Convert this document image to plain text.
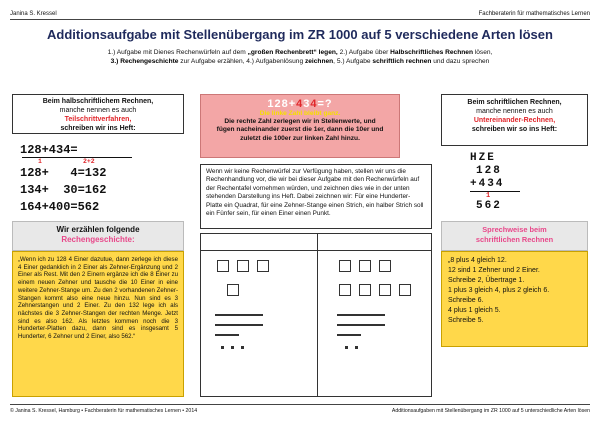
Janina S. Kressel	Fachberaterin für mathematisches Lernen
Additionsaufgabe mit Stellenübergang im ZR 1000 auf 5 verschiedene Arten lösen
1.) Aufgabe mit Dienes Rechenwürfeln auf dem „großen Rechenbrett“ legen, 2.) Aufgabe über Halbschriftliches Rechnen lösen,
3.) Rechengeschichte zur Aufgabe erzählen, 4.) Aufgabenlösung zeichnen, 5.) Aufgabe schriftlich rechnen und dazu sprechen
Beim halbschriftlichem Rechnen,
manche nennen es auch
Teilschrittverfahren,
schreiben wir ins Heft:
128+434=
1	2+2
128+   4=132
134+  30=162
164+400=562
Wir erzählen folgende
Rechengeschichte:
„Wenn ich zu 128 4 Einer dazutue, dann zerlege ich diese 4 Einer gedanklich in 2 Einer als Zehner-Ergänzung und 2 Einer als Rest. Mit den 2 Einern ergänze ich die 8 Einer zu einem neuen Zehner und tausche die 10 Einer in eine weitere Zehner-Stange um. Zu den 2 vorhandenen Zehner-Stangen kommt also eine neue hinzu. Nun sind es 3 Zehnerstangen und 2 Einer. Zu den 132 lege ich als nächstes die 3 Zehner-Stangen der rechten Menge. Jetzt sind es also 162. Als letztes kommen noch die 3 Hunderter-Platten dazu, dann sind es insgesamt 5 Hunderter, 6 Zehner und 2 Einer, also 562.“
128+434=?
Die linke Zahl bleibt ganz.
Die rechte Zahl zerlegen wir in Stellenwerte, und
fügen nacheinander zuerst die 1er, dann die 10er und
zuletzt die 100er zur linken Zahl hinzu.
Wenn wir keine Rechenwürfel zur Verfügung haben, stellen wir uns die Rechenhandlung vor, die wir bei dieser Aufgabe mit den Rechenwürfeln auf der Rechentafel vornehmen würden, und zeichnen dies wie in der unten stehenden Darstellung ins Heft. Dabei zeichnen wir: Für eine Hunderter-Platte ein Quadrat, für eine Zehner-Stange einen Strich, ein halber Strich soll ein Fünfer sein, für einen Einer einen Punkt.
Beim schriftlichen Rechnen,
manche nennen es auch
Untereinander-Rechnen,
schreiben wir so ins Heft:
HZE
128
+434
1
562
Sprechweise beim
schriftlichen Rechnen
„8 plus 4 gleich 12.
12 sind 1 Zehner und 2 Einer.
Schreibe 2, Übertrage 1.
1 plus 3 gleich 4, plus 2 gleich 6.
Schreibe 6.
4 plus 1 gleich 5.
Schreibe 5.
© Janina S. Kressel, Hamburg • Fachberaterin für mathematisches Lernen • 2014	Additionsaufgaben mit Stellenübergang im ZR 1000 auf 5 unterschiedliche Arten lösen
